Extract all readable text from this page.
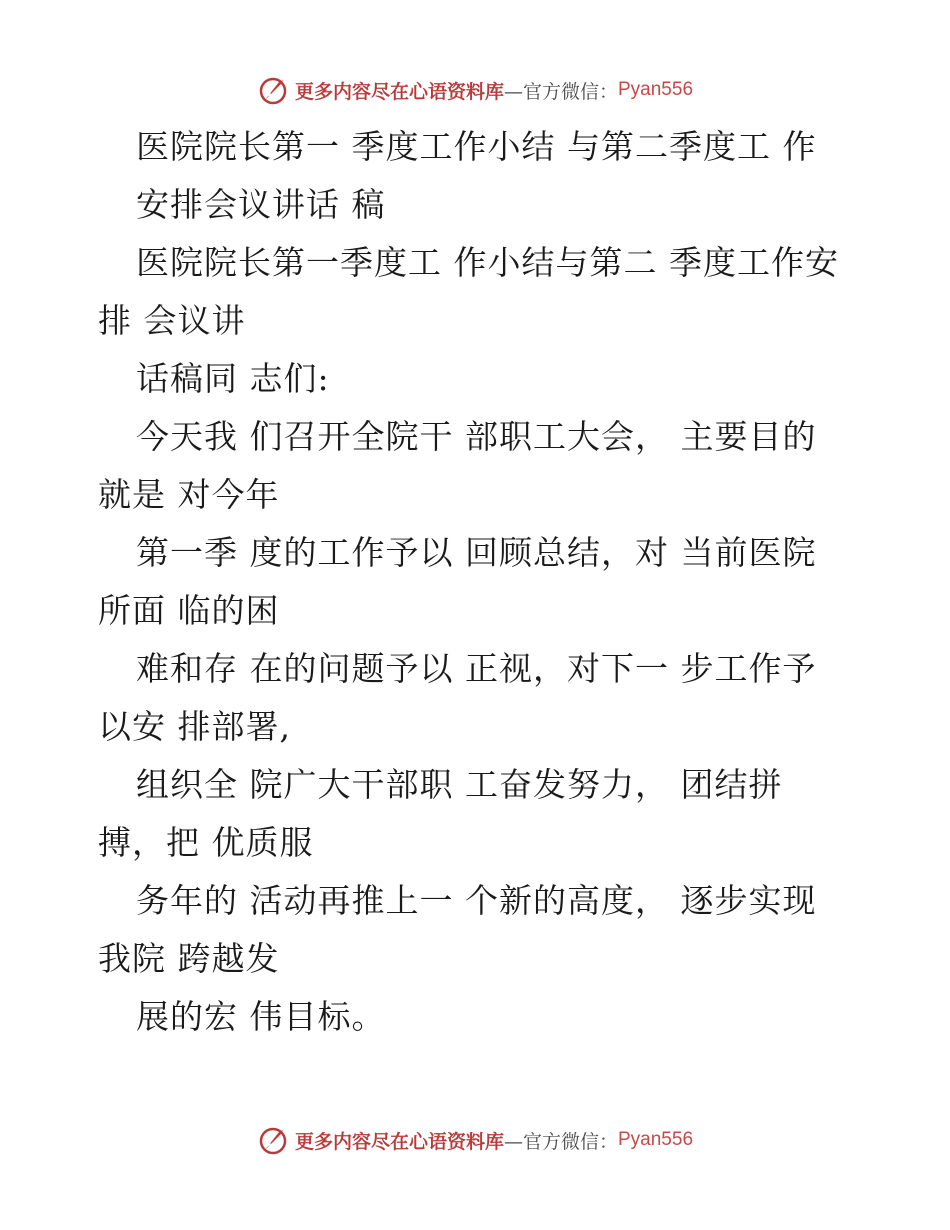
更多内容尽在心语资料库 —官方微信： Pyan556
医院院长第一 季度工作小结 与第二季度工 作
安排会议讲话 稿
医院院长第一季度工 作小结与第二 季度工作安
排 会议讲
话稿同 志们:
今天我 们召开全院干 部职工大会， 主要目的
就是 对今年
第一季 度的工作予以 回顾总结，对 当前医院
所面 临的困
难和存 在的问题予以 正视，对下一 步工作予
以安 排部署,
组织全 院广大干部职 工奋发努力， 团结拼
搏，把 优质服
务年的 活动再推上一 个新的高度， 逐步实现
我院 跨越发
展的宏 伟目标。
更多内容尽在心语资料库 —官方微信： Pyan556
